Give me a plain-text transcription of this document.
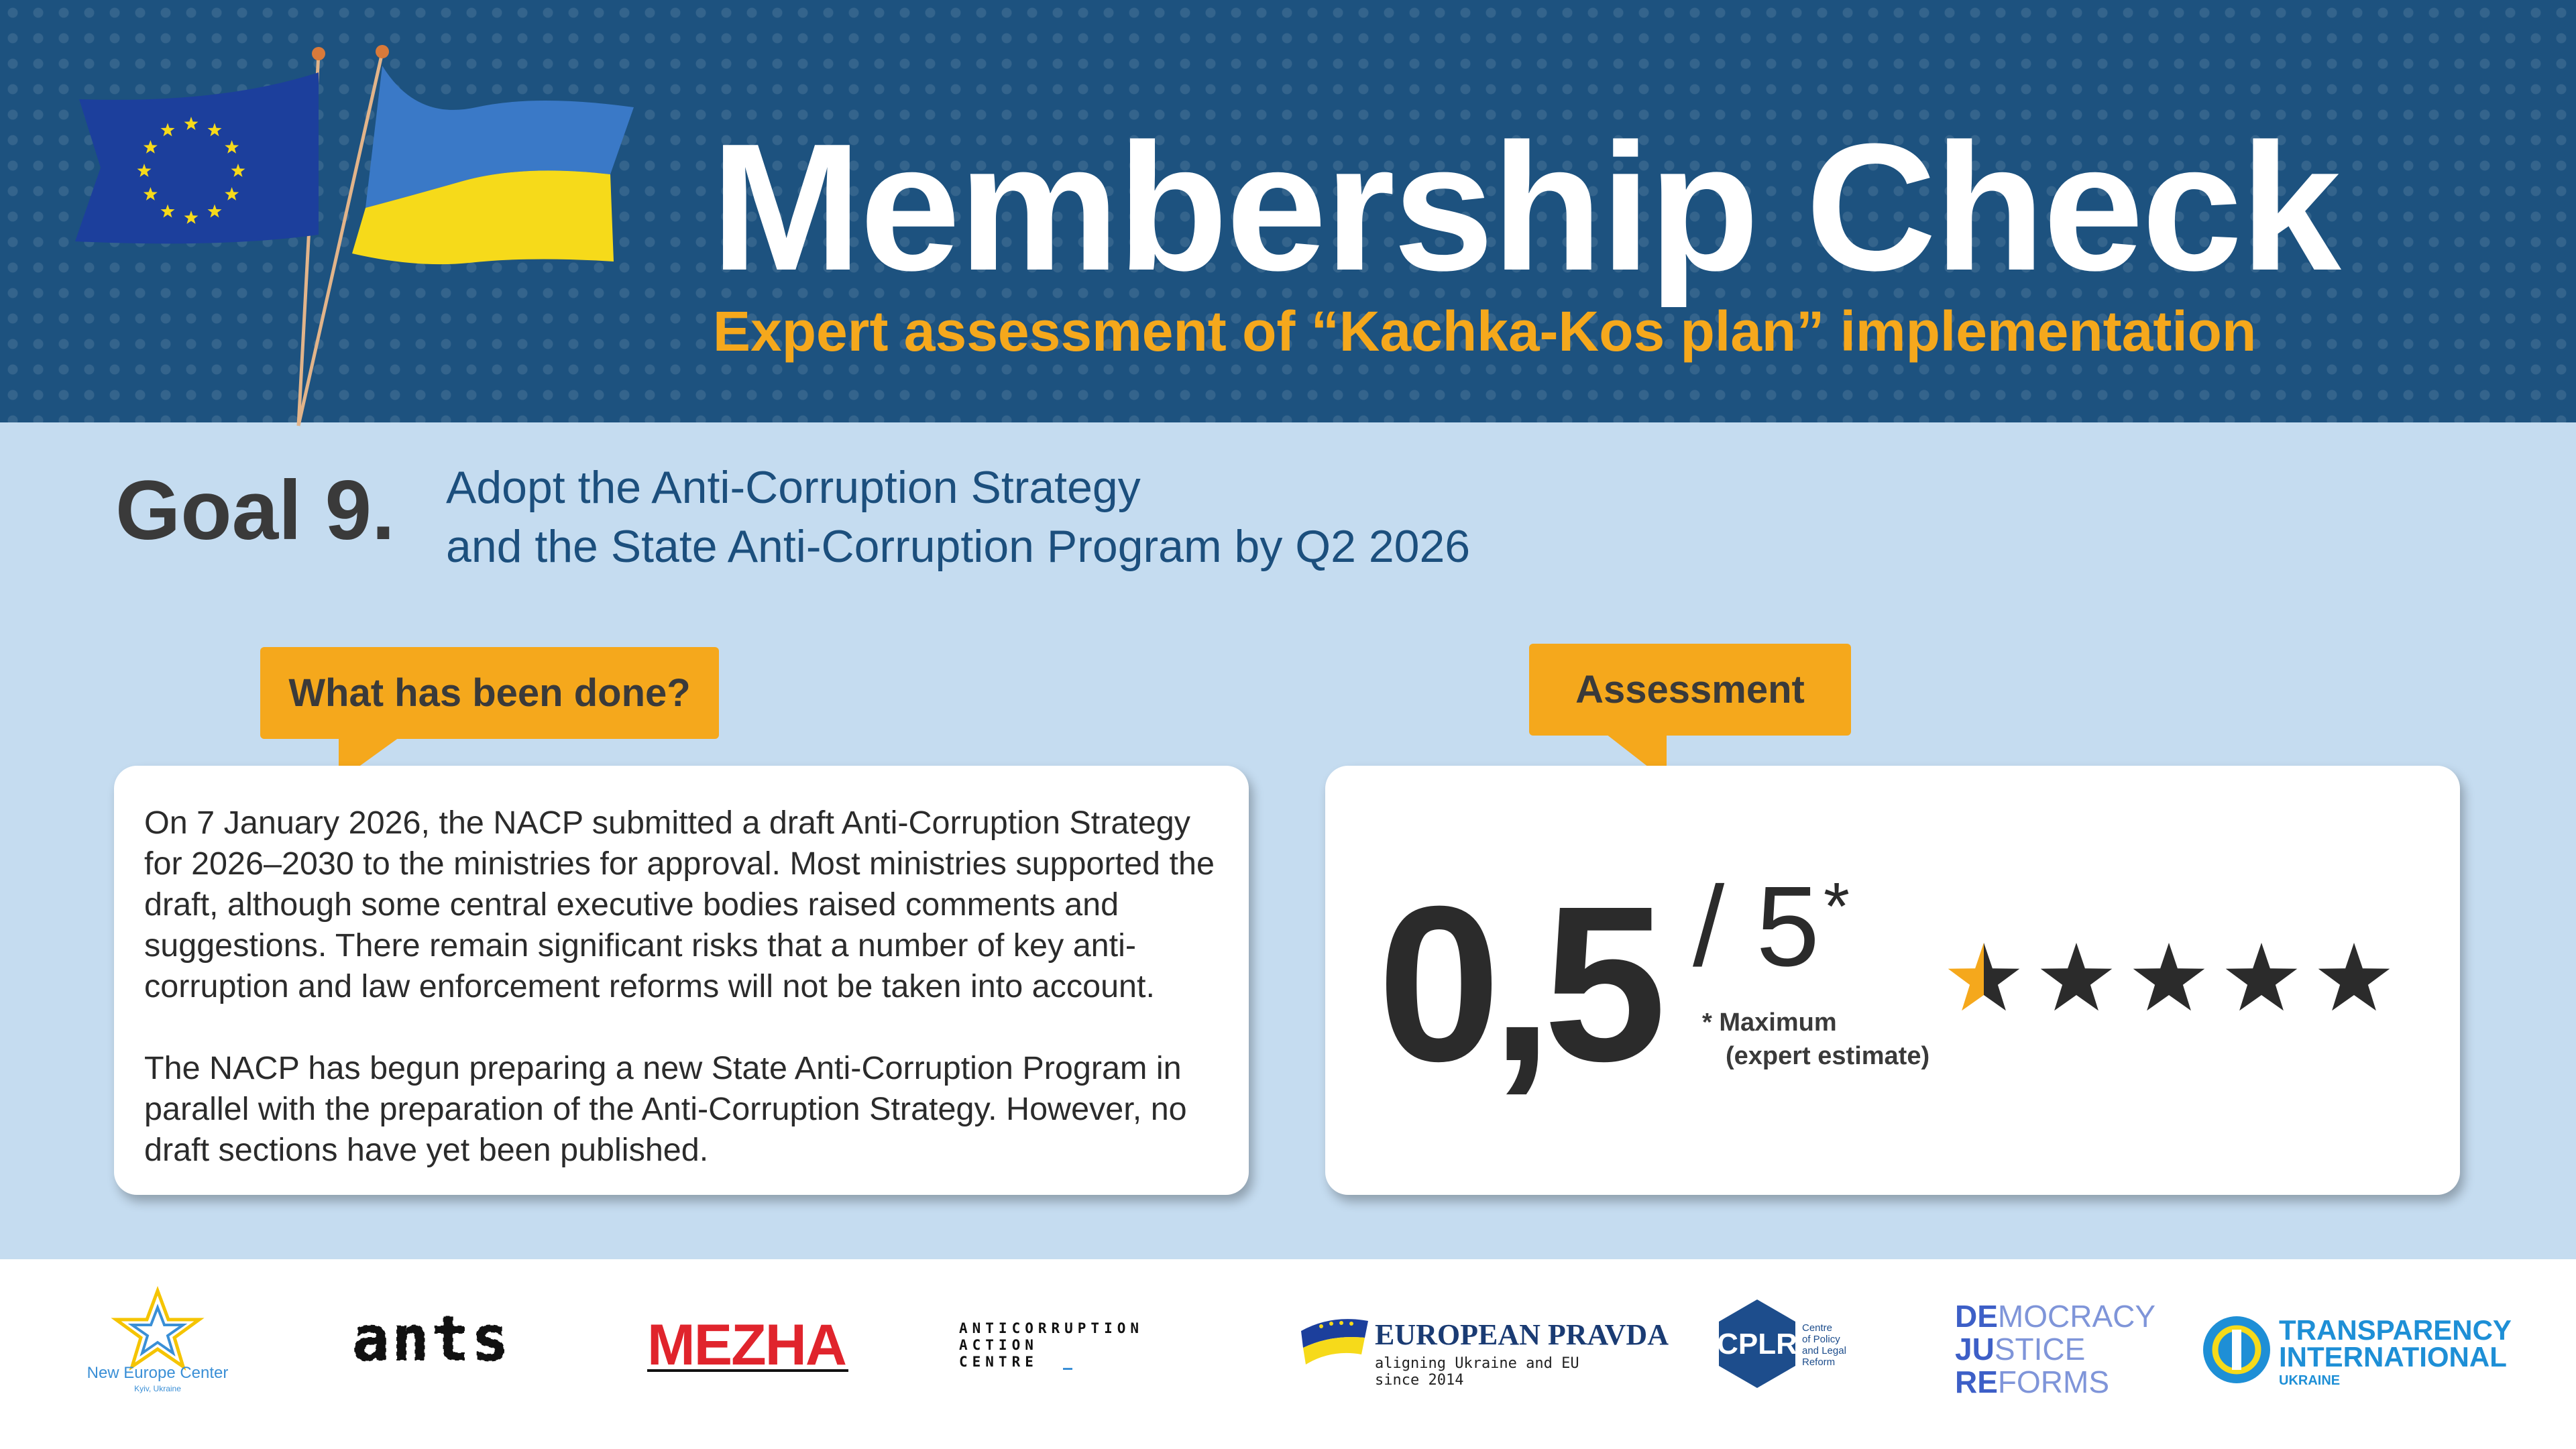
Membership Check
Expert assessment of “Kachka-Kos plan” implementation
Goal 9. Adopt the Anti-Corruption Strategy
and the State Anti-Corruption Program by Q2 2026
What has been done?

On 7 January 2026, the NACP submitted a draft Anti-Corruption Strategy for 2026–2030 to the ministries for approval. Most ministries supported the draft, although some central executive bodies raised comments and suggestions. There remain significant risks that a number of key anti-corruption and law enforcement reforms will not be taken into account.

The NACP has begun preparing a new State Anti-Corruption Program in parallel with the preparation of the Anti-Corruption Strategy. However, no draft sections have yet been published.

Assessment
0,5 / 5 *
* Maximum
(expert estimate)
New Europe Center
Kyiv, Ukraine
ants MEZHA	ANTICORRUPTION
ACTION
CENTRE
EUROPEAN PRAVDA
aligning Ukraine and EU
since 2014
CPLR Centre
of Policy
and Legal
Reform
DEMOCRACY
JUSTICE
REFORMS
TRANSPARENCY
INTERNATIONAL
UKRAINE
